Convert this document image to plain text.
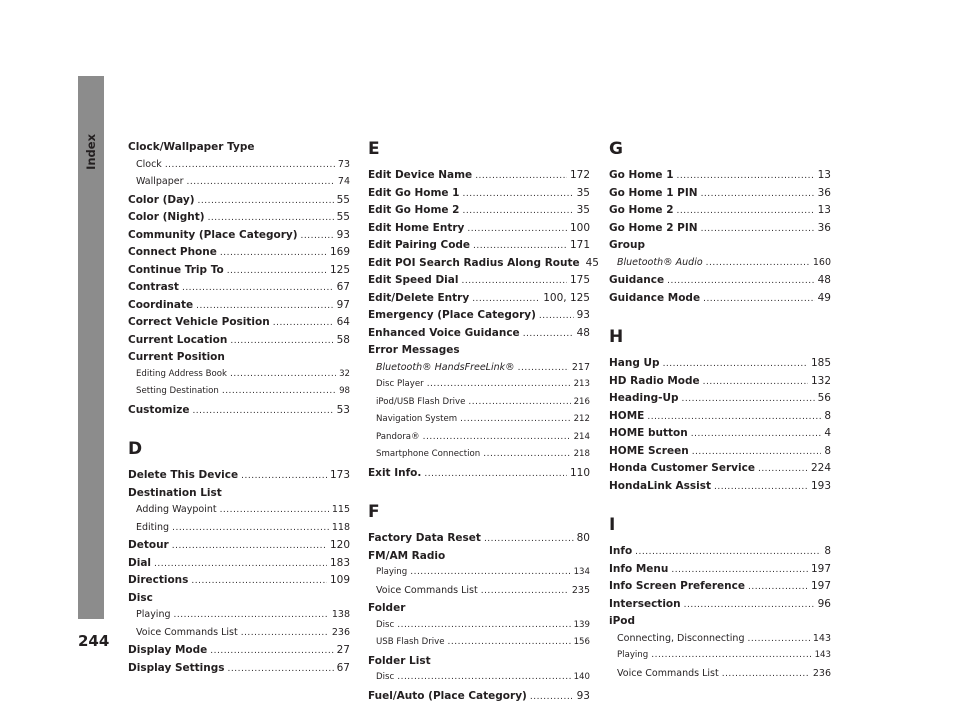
Index	Clock/Wallpaper Type
Clock .....	73
Wallpaper .....	74
Color (Day) .....	55
Color (Night) .....	55
Community (Place Category) .....	93
Connect Phone .....	169
Continue Trip To .....	125
Contrast .....	67
Coordinate .....	97
Correct Vehicle Position .....	64
Current Location .....	58
Current Position
Editing Address Book .....	32
Setting Destination .....	98
Customize .....	53
D
Delete This Device .....	173
Destination List
Adding Waypoint .....	115
Editing .....	118
Detour .....	120
Dial .....	183
Directions .....	109
Disc
Playing .....	138
Voice Commands List .....	236
Display Mode .....	27
Display Settings .....	67
E
Edit Device Name .....	172
Edit Go Home 1 .....	35
Edit Go Home 2 .....	35
Edit Home Entry .....	100
Edit Pairing Code .....	171
Edit POI Search Radius Along Route 45
Edit Speed Dial .....	175
Edit/Delete Entry .....	100, 125
Emergency (Place Category) .....	93
Enhanced Voice Guidance .....	48
Error Messages
Bluetooth® HandsFreeLink® .....	217
Disc Player .....	213
iPod/USB Flash Drive .....	216
Navigation System .....	212
Pandora® .....	214
Smartphone Connection .....	218
Exit Info. .....	110
F
Factory Data Reset .....	80
FM/AM Radio
Playing .....	134
Voice Commands List .....	235
Folder
Disc .....	139
USB Flash Drive .....	156
Folder List
Disc .....	140
Fuel/Auto (Place Category) .....	93
G
Go Home 1 .....	13
Go Home 1 PIN .....	36
Go Home 2 .....	13
Go Home 2 PIN .....	36
Group
Bluetooth® Audio .....	160
Guidance .....	48
Guidance Mode .....	49
H
Hang Up .....	185
HD Radio Mode .....	132
Heading-Up .....	56
HOME .....	8
HOME button .....	4
HOME Screen .....	8
Honda Customer Service .....	224
HondaLink Assist .....	193
I
Info .....	8
Info Menu .....	197
Info Screen Preference .....	197
Intersection .....	96
iPod
Connecting, Disconnecting .....	143
Playing .....	143
Voice Commands List .....	236
244
